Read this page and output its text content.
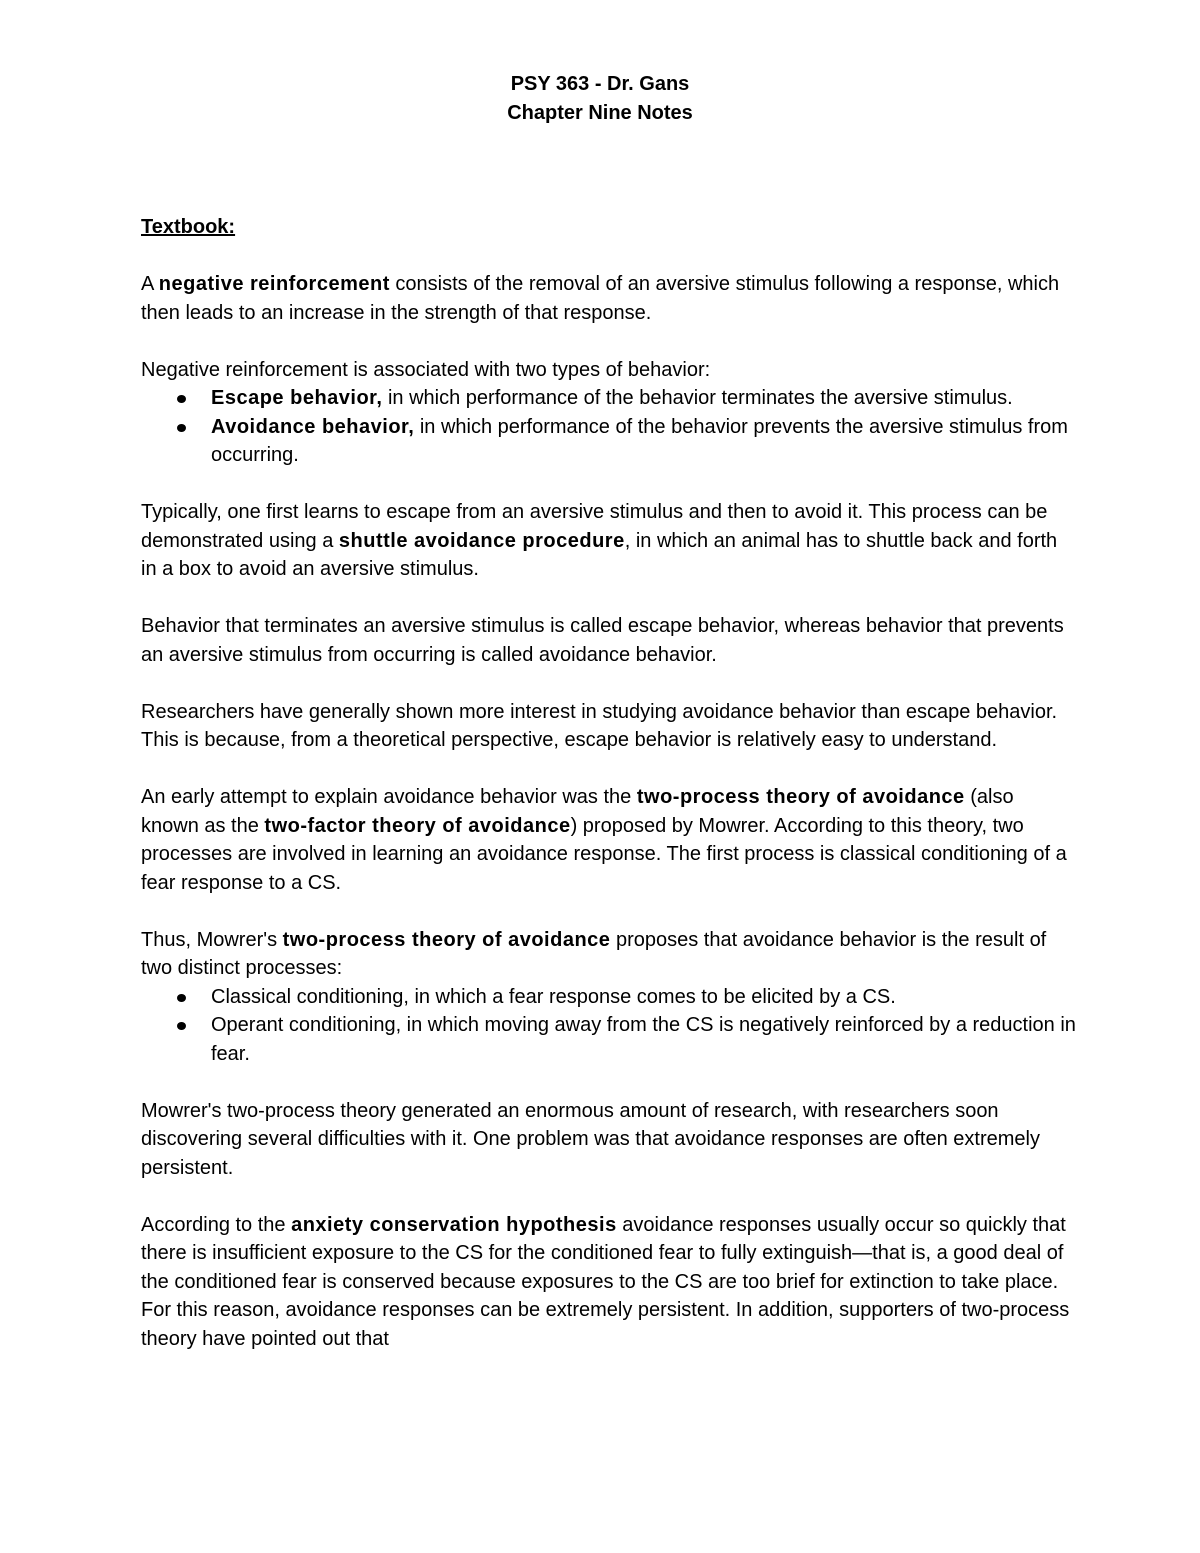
PSY 363 - Dr. Gans
Chapter Nine Notes
Textbook:

A negative reinforcement consists of the removal of an aversive stimulus following a response, which then leads to an increase in the strength of that response.

Negative reinforcement is associated with two types of behavior:

Escape behavior, in which performance of the behavior terminates the aversive stimulus.
Avoidance behavior, in which performance of the behavior prevents the aversive stimulus from occurring.

Typically, one first learns to escape from an aversive stimulus and then to avoid it. This process can be demonstrated using a shuttle avoidance procedure, in which an animal has to shuttle back and forth in a box to avoid an aversive stimulus.

Behavior that terminates an aversive stimulus is called escape behavior, whereas behavior that prevents an aversive stimulus from occurring is called avoidance behavior.

Researchers have generally shown more interest in studying avoidance behavior than escape behavior. This is because, from a theoretical perspective, escape behavior is relatively easy to understand.

An early attempt to explain avoidance behavior was the two-process theory of avoidance (also known as the two-factor theory of avoidance) proposed by Mowrer. According to this theory, two processes are involved in learning an avoidance response. The first process is classical conditioning of a fear response to a CS.

Thus, Mowrer's two-process theory of avoidance proposes that avoidance behavior is the result of two distinct processes:

Classical conditioning, in which a fear response comes to be elicited by a CS.
Operant conditioning, in which moving away from the CS is negatively reinforced by a reduction in fear.

Mowrer's two-process theory generated an enormous amount of research, with researchers soon discovering several difficulties with it. One problem was that avoidance responses are often extremely persistent.

According to the anxiety conservation hypothesis avoidance responses usually occur so quickly that there is insufficient exposure to the CS for the conditioned fear to fully extinguish—that is, a good deal of the conditioned fear is conserved because exposures to the CS are too brief for extinction to take place. For this reason, avoidance responses can be extremely persistent. In addition, supporters of two-process theory have pointed out that
